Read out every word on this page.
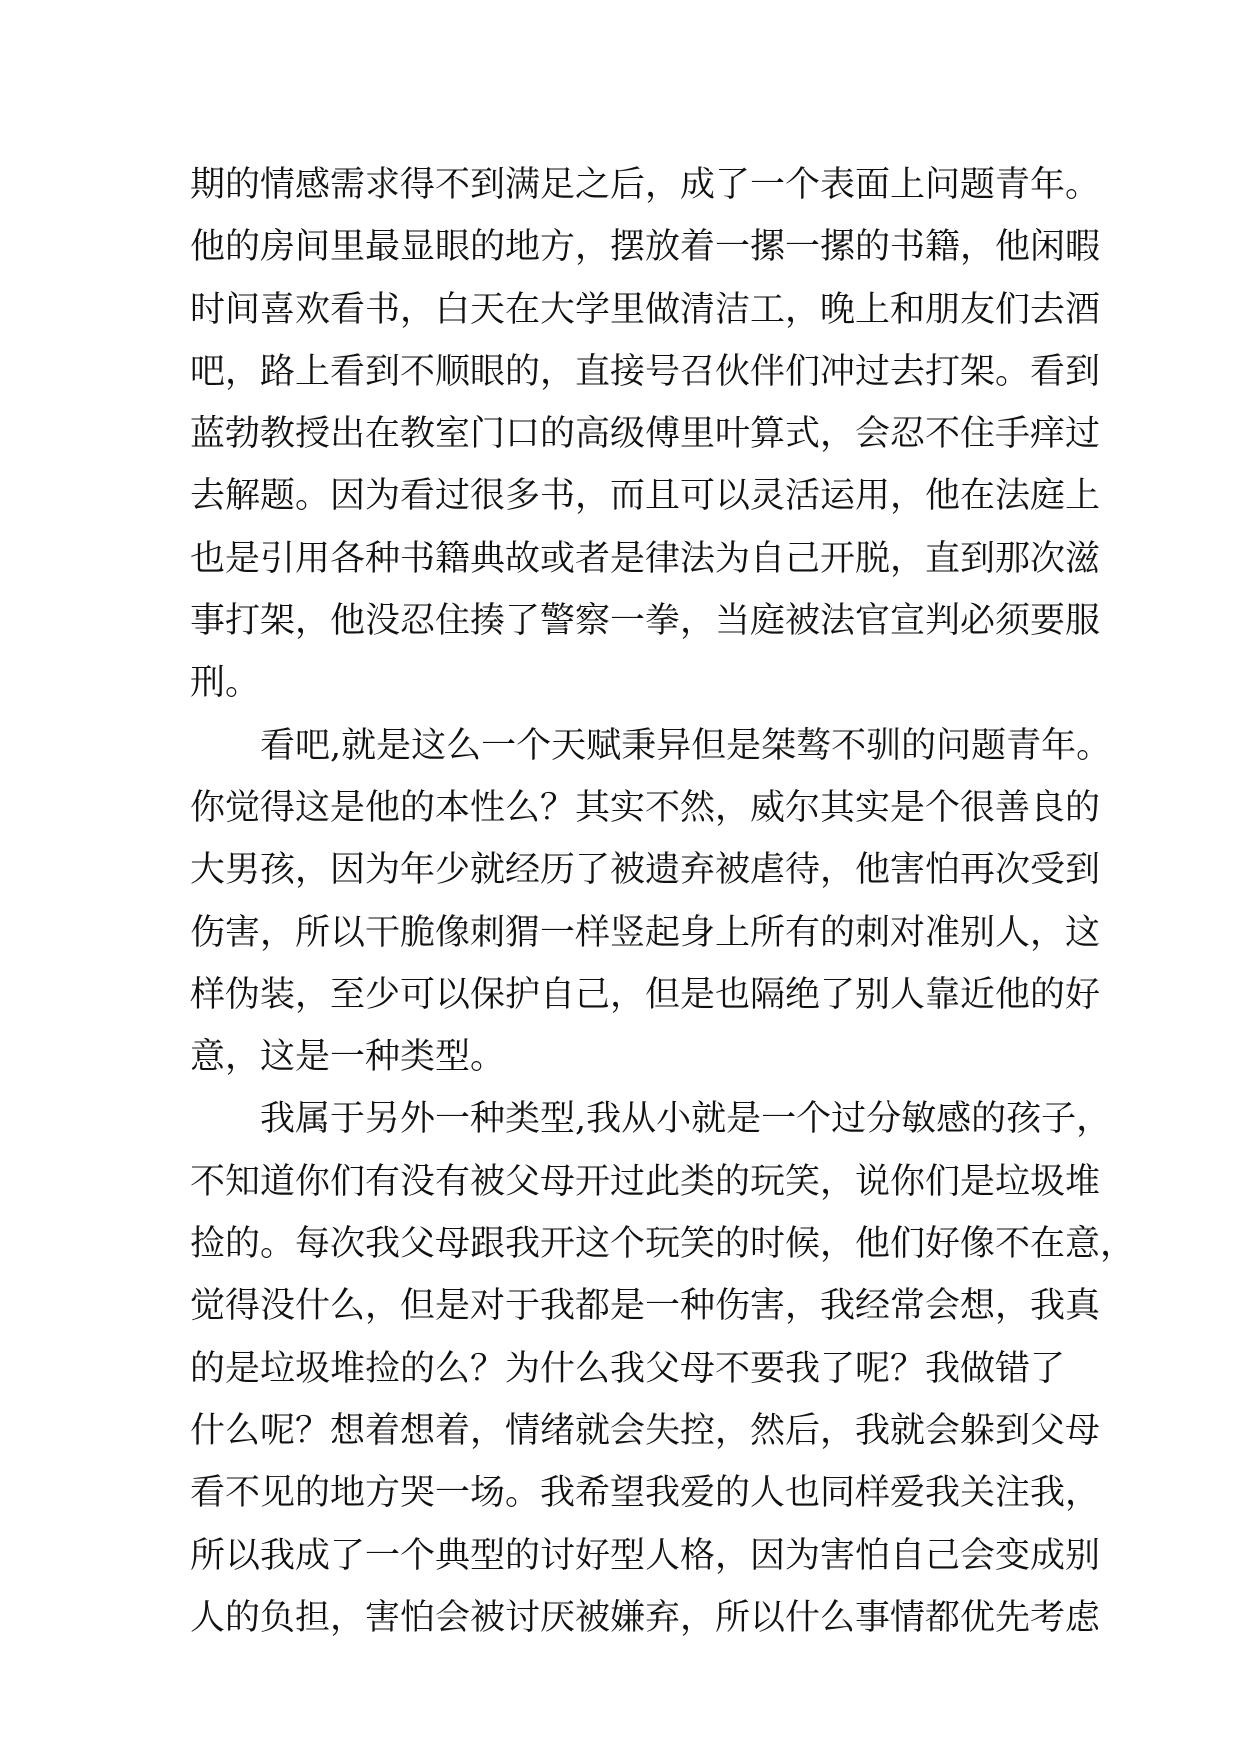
期的情感需求得不到满足之后，成了一个表面上问题青年。
他的房间里最显眼的地方，摆放着一摞一摞的书籍，他闲暇
时间喜欢看书，白天在大学里做清洁工，晚上和朋友们去酒
吧，路上看到不顺眼的，直接号召伙伴们冲过去打架。看到
蓝勃教授出在教室门口的高级傅里叶算式，会忍不住手痒过
去解题。因为看过很多书，而且可以灵活运用，他在法庭上
也是引用各种书籍典故或者是律法为自己开脱，直到那次滋
事打架，他没忍住揍了警察一拳，当庭被法官宣判必须要服
刑。
看吧,就是这么一个天赋秉异但是桀骜不驯的问题青年。
你觉得这是他的本性么？其实不然，威尔其实是个很善良的
大男孩，因为年少就经历了被遗弃被虐待，他害怕再次受到
伤害，所以干脆像刺猬一样竖起身上所有的刺对准别人，这
样伪装，至少可以保护自己，但是也隔绝了别人靠近他的好
意，这是一种类型。
我属于另外一种类型,我从小就是一个过分敏感的孩子，
不知道你们有没有被父母开过此类的玩笑，说你们是垃圾堆
捡的。每次我父母跟我开这个玩笑的时候，他们好像不在意，
觉得没什么，但是对于我都是一种伤害，我经常会想，我真
的是垃圾堆捡的么？为什么我父母不要我了呢？我做错了
什么呢？想着想着，情绪就会失控，然后，我就会躲到父母
看不见的地方哭一场。我希望我爱的人也同样爱我关注我，
所以我成了一个典型的讨好型人格，因为害怕自己会变成别
人的负担，害怕会被讨厌被嫌弃，所以什么事情都优先考虑
